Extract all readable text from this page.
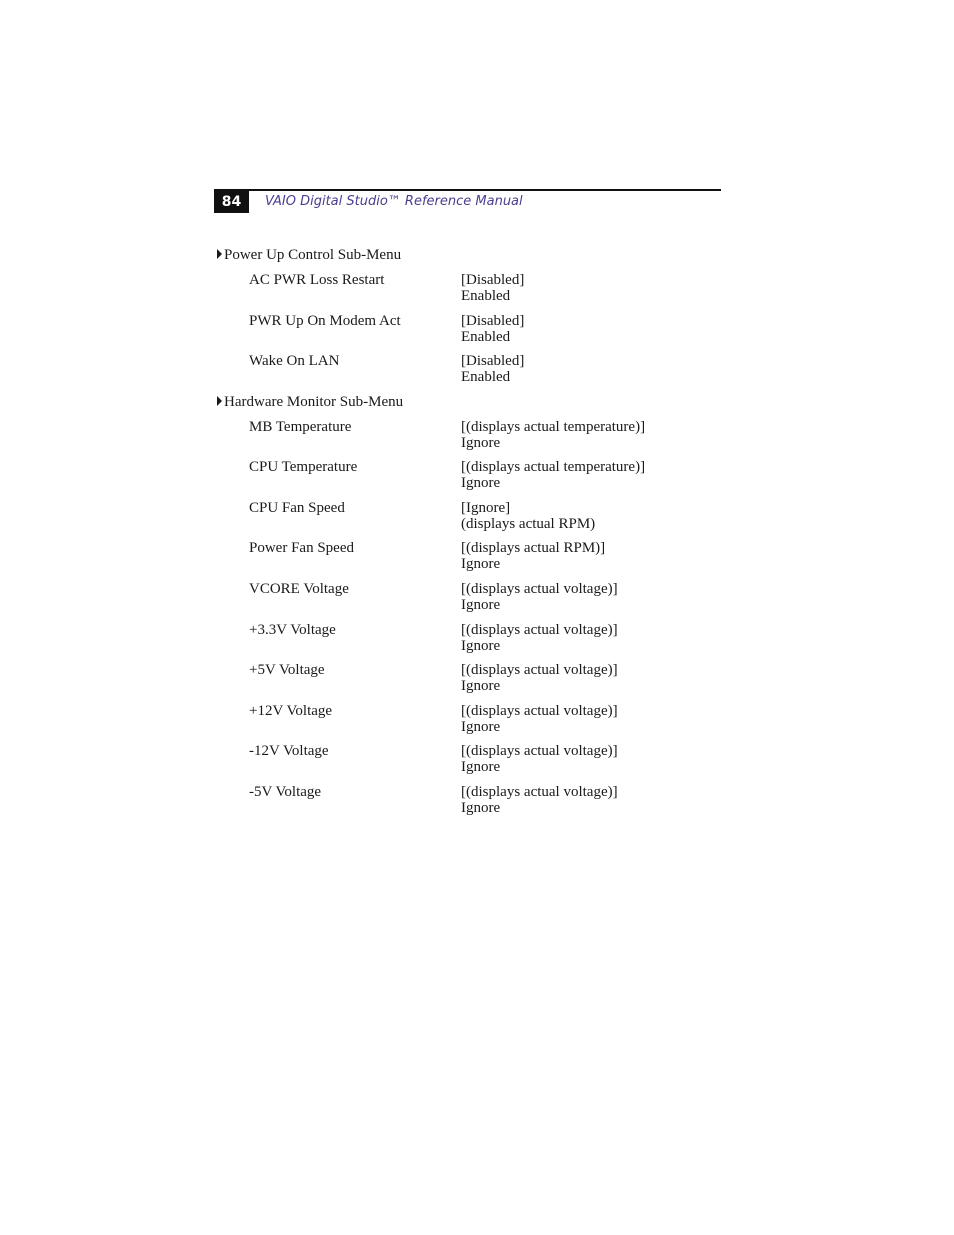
84	VAIO Digital Studio™ Reference Manual
Power Up Control Sub-Menu
AC PWR Loss Restart	[Disabled]
Enabled
PWR Up On Modem Act	[Disabled]
Enabled
Wake On LAN	[Disabled]
Enabled
Hardware Monitor Sub-Menu
MB Temperature	[(displays actual temperature)]
Ignore
CPU Temperature	[(displays actual temperature)]
Ignore
CPU Fan Speed	[Ignore]
(displays actual RPM)
Power Fan Speed	[(displays actual RPM)]
Ignore
VCORE Voltage	[(displays actual voltage)]
Ignore
+3.3V Voltage	[(displays actual voltage)]
Ignore
+5V Voltage	[(displays actual voltage)]
Ignore
+12V Voltage	[(displays actual voltage)]
Ignore
-12V Voltage	[(displays actual voltage)]
Ignore
-5V Voltage	[(displays actual voltage)]
Ignore
